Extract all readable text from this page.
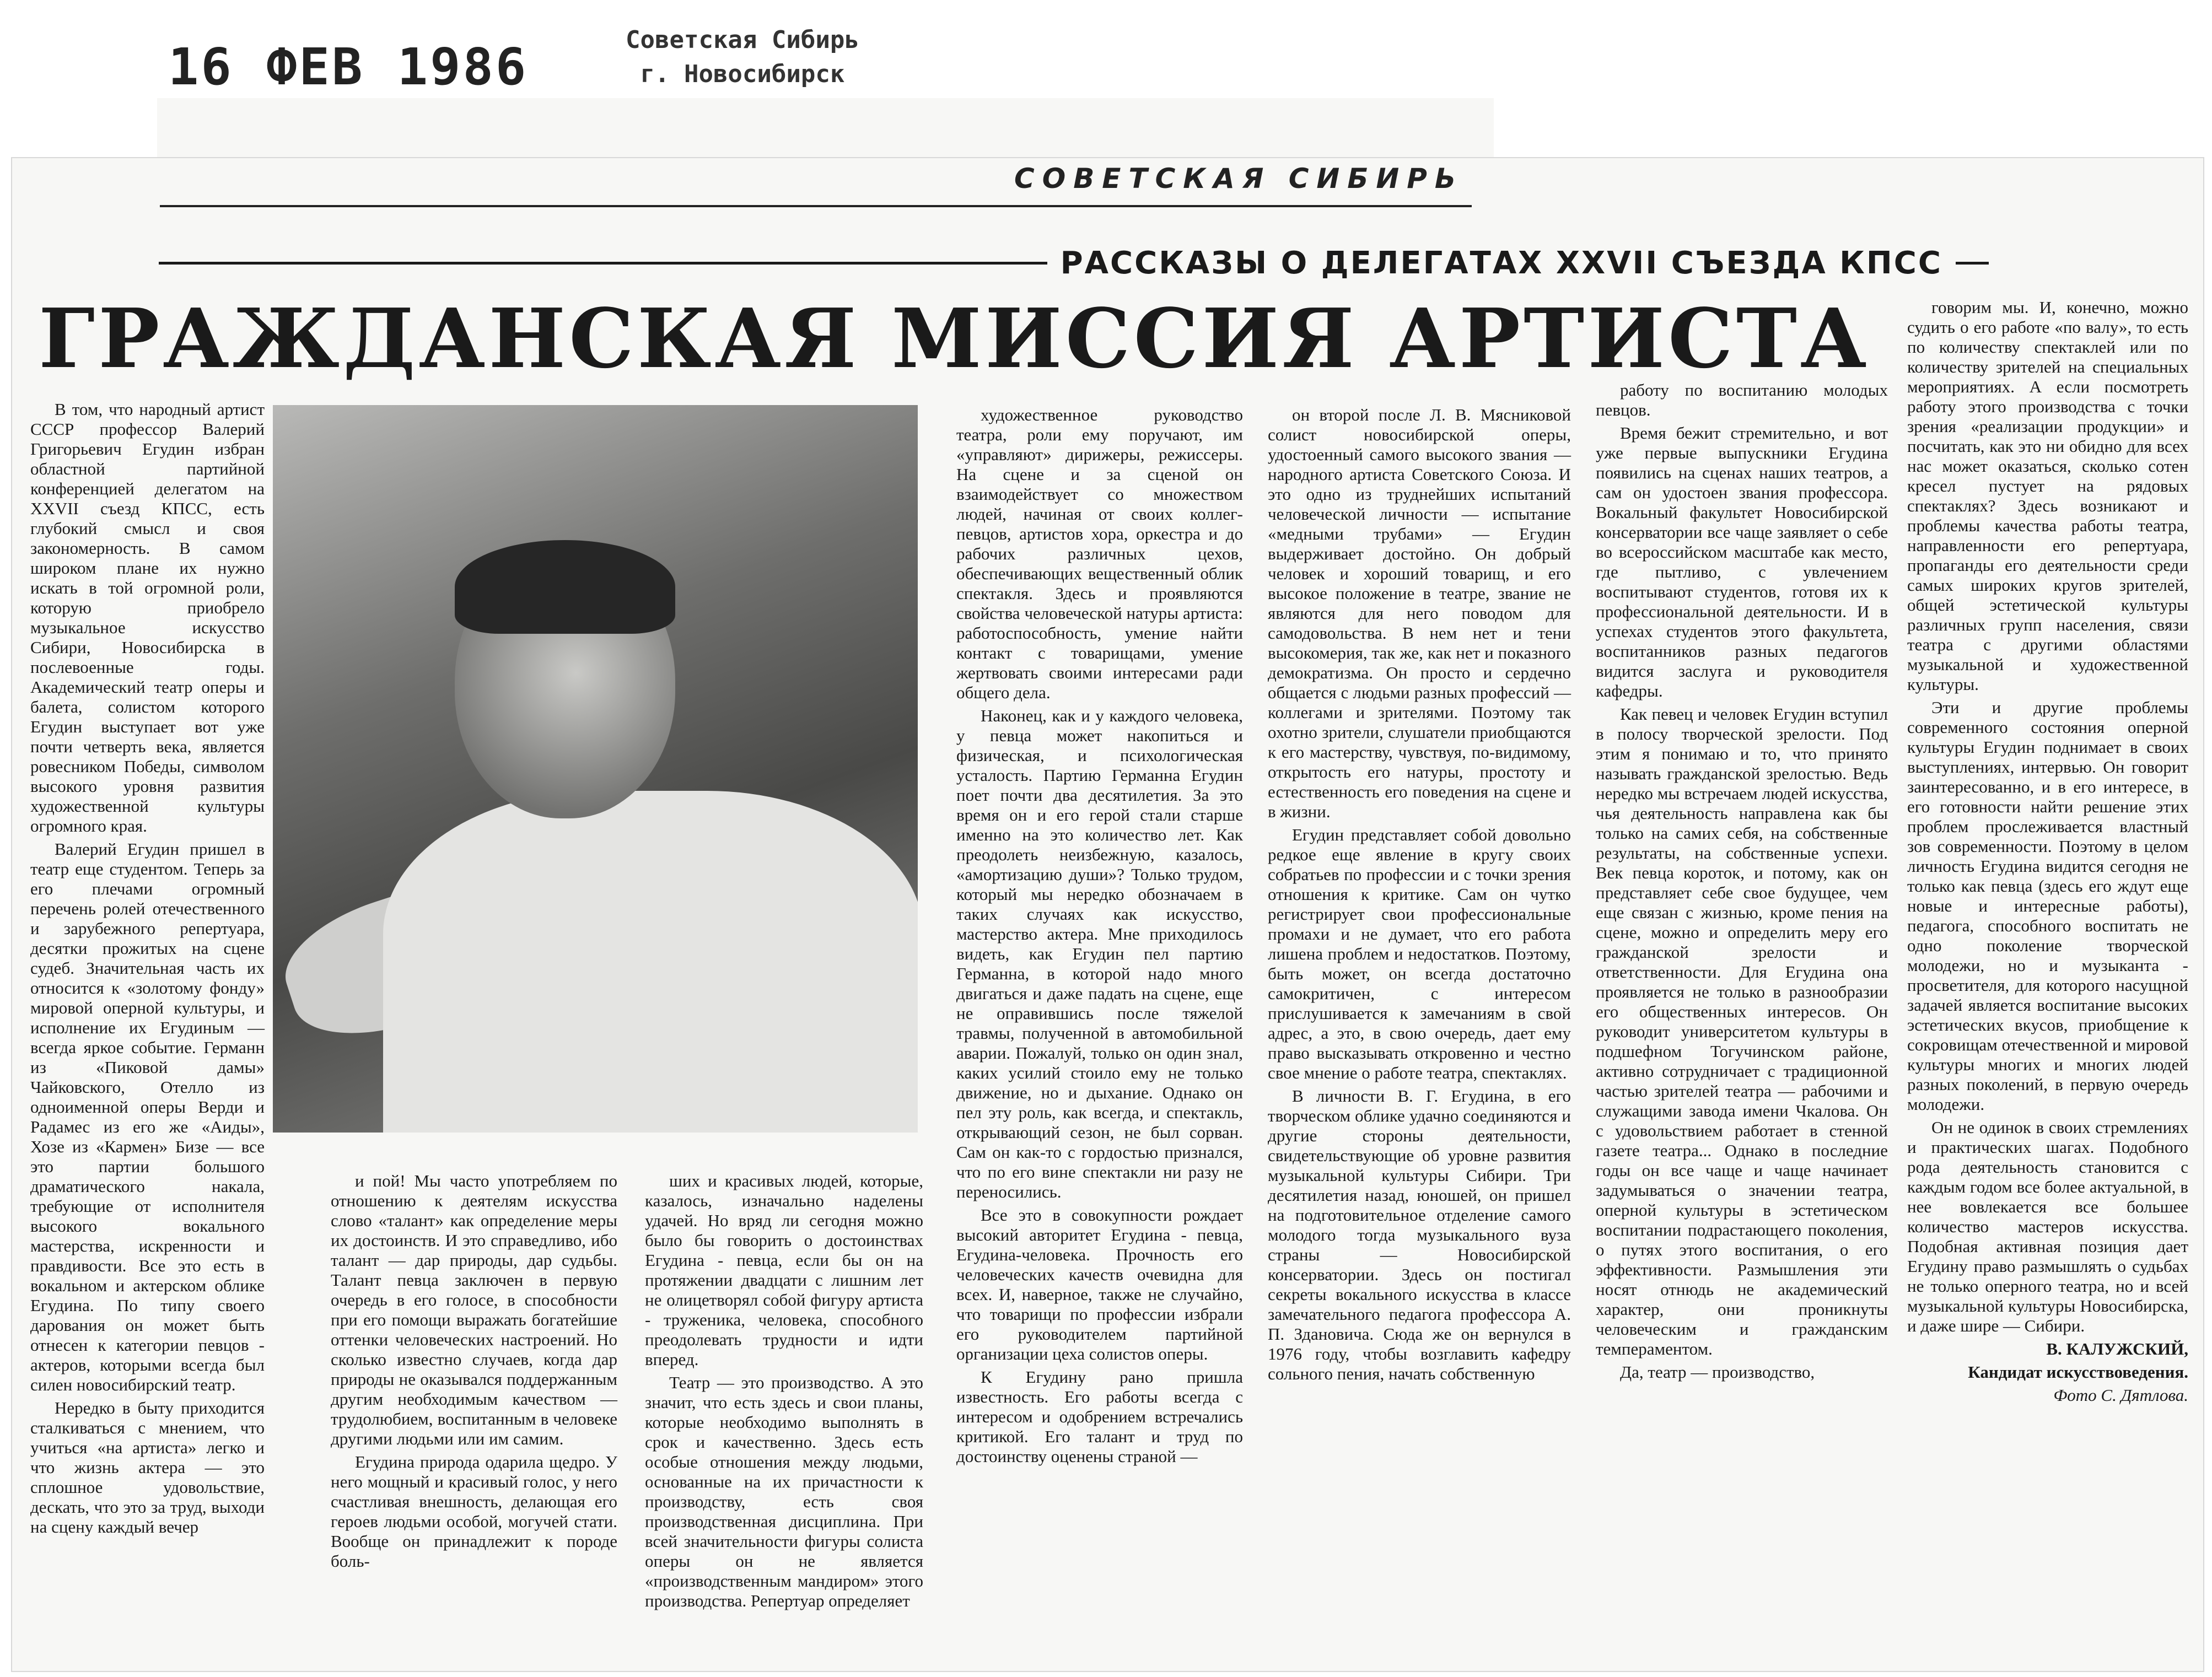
16 ФЕВ 1986	Советская Сибирь
г. Новосибирск
СОВЕТСКАЯ СИБИРЬ
РАССКАЗЫ О ДЕЛЕГАТАХ XXVII СЪЕЗДА КПСС
ГРАЖДАНСКАЯ МИССИЯ АРТИСТА

В том, что народный артист СССР профессор Валерий Григорьевич Егудин избран областной партийной конференцией делегатом на XXVII съезд КПСС, есть глубокий смысл и своя закономерность. В самом широком плане их нужно искать в той огромной роли, которую приобрело музыкальное искусство Сибири, Новосибирска в послевоенные годы. Академический театр оперы и балета, солистом которого Егудин выступает вот уже почти четверть века, является ровесником Победы, символом высокого уровня развития художественной культуры огромного края.

Валерий Егудин пришел в театр еще студентом. Теперь за его плечами огромный перечень ролей отечественного и зарубежного репертуара, десятки прожитых на сцене судеб. Значительная часть их относится к «золотому фонду» мировой оперной культуры, и исполнение их Егудиным — всегда яркое событие. Германн из «Пиковой дамы» Чайковского, Отелло из одноименной оперы Верди и Радамес из его же «Аиды», Хозе из «Кармен» Бизе — все это партии большого драматического накала, требующие от исполнителя высокого вокального мастерства, искренности и правдивости. Все это есть в вокальном и актерском облике Егудина. По типу своего дарования он может быть отнесен к категории певцов - актеров, которыми всегда был силен новосибирский театр.

Нередко в быту приходится сталкиваться с мнением, что учиться «на артиста» легко и что жизнь актера — это сплошное удовольствие, дескать, что это за труд, выходи на сцену каждый вечер

и пой! Мы часто употребляем по отношению к деятелям искусства слово «талант» как определение меры их достоинств. И это справедливо, ибо талант — дар природы, дар судьбы. Талант певца заключен в первую очередь в его голосе, в способности при его помощи выражать богатейшие оттенки человеческих настроений. Но сколько известно случаев, когда дар природы не оказывался поддержанным другим необходимым качеством — трудолюбием, воспитанным в человеке другими людьми или им самим.

Егудина природа одарила щедро. У него мощный и красивый голос, у него счастливая внешность, делающая его героев людьми особой, могучей стати. Вообще он принадлежит к породе боль-

ших и красивых людей, которые, казалось, изначально наделены удачей. Но вряд ли сегодня можно было бы говорить о достоинствах Егудина - певца, если бы он на протяжении двадцати с лишним лет не олицетворял собой фигуру артиста - труженика, человека, способного преодолевать трудности и идти вперед.

Театр — это производство. А это значит, что есть здесь и свои планы, которые необходимо выполнять в срок и качественно. Здесь есть особые отношения между людьми, основанные на их причастности к производству, есть своя производственная дисциплина. При всей значительности фигуры солиста оперы он не является «производственным мандиром» этого производства. Репертуар определяет

художественное руководство театра, роли ему поручают, им «управляют» дирижеры, режиссеры. На сцене и за сценой он взаимодействует со множеством людей, начиная от своих коллег-певцов, артистов хора, оркестра и до рабочих различных цехов, обеспечивающих вещественный облик спектакля. Здесь и проявляются свойства человеческой натуры артиста: работоспособность, умение найти контакт с товарищами, умение жертвовать своими интересами ради общего дела.

Наконец, как и у каждого человека, у певца может накопиться и физическая, и психологическая усталость. Партию Германна Егудин поет почти два десятилетия. За это время он и его герой стали старше именно на это количество лет. Как преодолеть неизбежную, казалось, «амортизацию души»? Только трудом, который мы нередко обозначаем в таких случаях как искусство, мастерство актера. Мне приходилось видеть, как Егудин пел партию Германна, в которой надо много двигаться и даже падать на сцене, еще не оправившись после тяжелой травмы, полученной в автомобильной аварии. Пожалуй, только он один знал, каких усилий стоило ему не только движение, но и дыхание. Однако он пел эту роль, как всегда, и спектакль, открывающий сезон, не был сорван. Сам он как-то с гордостью признался, что по его вине спектакли ни разу не переносились.

Все это в совокупности рождает высокий авторитет Егудина - певца, Егудина-человека. Прочность его человеческих качеств очевидна для всех. И, наверное, также не случайно, что товарищи по профессии избрали его руководителем партийной организации цеха солистов оперы.

К Егудину рано пришла известность. Его работы всегда с интересом и одобрением встречались критикой. Его талант и труд по достоинству оценены страной —

он второй после Л. В. Мясниковой солист новосибирской оперы, удостоенный самого высокого звания — народного артиста Советского Союза. И это одно из труднейших испытаний человеческой личности — испытание «медными трубами» — Егудин выдерживает достойно. Он добрый человек и хороший товарищ, и его высокое положение в театре, звание не являются для него поводом для самодовольства. В нем нет и тени высокомерия, так же, как нет и показного демократизма. Он просто и сердечно общается с людьми разных профессий — коллегами и зрителями. Поэтому так охотно зрители, слушатели приобщаются к его мастерству, чувствуя, по-видимому, открытость его натуры, простоту и естественность его поведения на сцене и в жизни.

Егудин представляет собой довольно редкое еще явление в кругу своих собратьев по профессии и с точки зрения отношения к критике. Сам он чутко регистрирует свои профессиональные промахи и не думает, что его работа лишена проблем и недостатков. Поэтому, быть может, он всегда достаточно самокритичен, с интересом прислушивается к замечаниям в свой адрес, а это, в свою очередь, дает ему право высказывать откровенно и честно свое мнение о работе театра, спектаклях.

В личности В. Г. Егудина, в его творческом облике удачно соединяются и другие стороны деятельности, свидетельствующие об уровне развития музыкальной культуры Сибири. Три десятилетия назад, юношей, он пришел на подготовительное отделение самого молодого тогда музыкального вуза страны — Новосибирской консерватории. Здесь он постигал секреты вокального искусства в классе замечательного педагога профессора А. П. Здановича. Сюда же он вернулся в 1976 году, чтобы возглавить кафедру сольного пения, начать собственную

работу по воспитанию молодых певцов.

Время бежит стремительно, и вот уже первые выпускники Егудина появились на сценах наших театров, а сам он удостоен звания профессора. Вокальный факультет Новосибирской консерватории все чаще заявляет о себе во всероссийском масштабе как место, где пытливо, с увлечением воспитывают студентов, готовя их к профессиональной деятельности. И в успехах студентов этого факультета, воспитанников разных педагогов видится заслуга и руководителя кафедры.

Как певец и человек Егудин вступил в полосу творческой зрелости. Под этим я понимаю и то, что принято называть гражданской зрелостью. Ведь нередко мы встречаем людей искусства, чья деятельность направлена как бы только на самих себя, на собственные результаты, на собственные успехи. Век певца короток, и потому, как он представляет себе свое будущее, чем еще связан с жизнью, кроме пения на сцене, можно и определить меру его гражданской зрелости и ответственности. Для Егудина она проявляется не только в разнообразии его общественных интересов. Он руководит университетом культуры в подшефном Тогучинском районе, активно сотрудничает с традиционной частью зрителей театра — рабочими и служащими завода имени Чкалова. Он с удовольствием работает в стенной газете театра... Однако в последние годы он все чаще и чаще начинает задумываться о значении театра, оперной культуры в эстетическом воспитании подрастающего поколения, о путях этого воспитания, о его эффективности. Размышления эти носят отнюдь не академический характер, они проникнуты человеческим и гражданским темпераментом.

Да, театр — производство,

говорим мы. И, конечно, можно судить о его работе «по валу», то есть по количеству спектаклей или по количеству зрителей на специальных мероприятиях. А если посмотреть работу этого производства с точки зрения «реализации продукции» и посчитать, как это ни обидно для всех нас может оказаться, сколько сотен кресел пустует на рядовых спектаклях? Здесь возникают и проблемы качества работы театра, направленности его репертуара, пропаганды его деятельности среди самых широких кругов зрителей, общей эстетической культуры различных групп населения, связи театра с другими областями музыкальной и художественной культуры.

Эти и другие проблемы современного состояния оперной культуры Егудин поднимает в своих выступлениях, интервью. Он говорит заинтересованно, и в его интересе, в его готовности найти решение этих проблем прослеживается властный зов современности. Поэтому в целом личность Егудина видится сегодня не только как певца (здесь его ждут еще новые и интересные работы), педагога, способного воспитать не одно поколение творческой молодежи, но и музыканта - просветителя, для которого насущной задачей является воспитание высоких эстетических вкусов, приобщение к сокровищам отечественной и мировой культуры многих и многих людей разных поколений, в первую очередь молодежи.

Он не одинок в своих стремлениях и практических шагах. Подобного рода деятельность становится с каждым годом все более актуальной, в нее вовлекается все большее количество мастеров искусства. Подобная активная позиция дает Егудину право размышлять о судьбах не только оперного театра, но и всей музыкальной культуры Новосибирска, и даже шире — Сибири.

В. КАЛУЖСКИЙ,

Кандидат искусствоведения.

Фото С. Дятлова.
